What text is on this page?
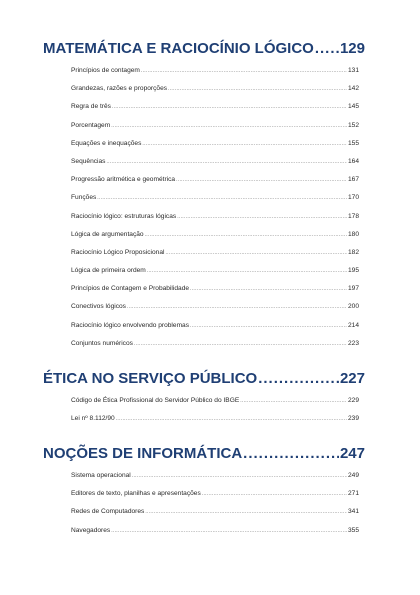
MATEMÁTICA E RACIOCÍNIO LÓGICO ..... 129
Princípios de contagem .....	131
Grandezas, razões e proporções .....	142
Regra de três .....	145
Porcentagem .....	152
Equações e inequações .....	155
Sequências .....	164
Progressão aritmética e geométrica .....	167
Funções .....	170
Raciocínio lógico: estruturas lógicas .....	178
Lógica de argumentação .....	180
Raciocínio Lógico Proposicional .....	182
Lógica de primeira ordem .....	195
Princípios de Contagem e Probabilidade .....	197
Conectivos lógicos .....	200
Raciocínio lógico envolvendo problemas .....	214
Conjuntos numéricos .....	223
ÉTICA NO SERVIÇO PÚBLICO .....	227
Código de Ética Profissional do Servidor Público do IBGE .....	229
Lei nº 8.112/90 .....	239
NOÇÕES DE INFORMÁTICA .....	247
Sistema operacional .....	249
Editores de texto, planilhas e apresentações .....	271
Redes de Computadores .....	341
Navegadores .....	355
